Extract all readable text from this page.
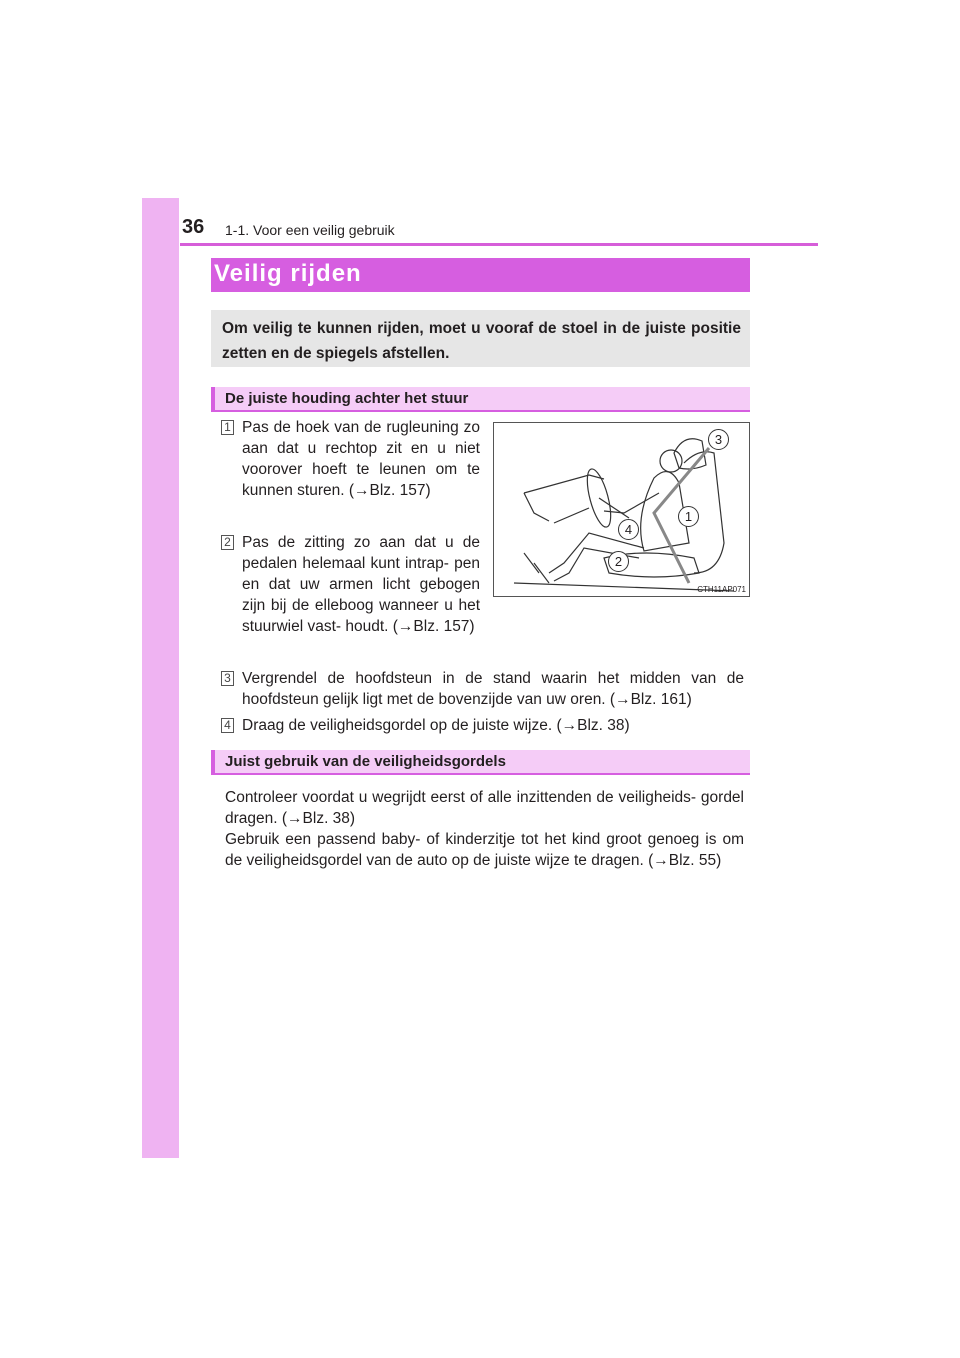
36 1-1. Voor een veilig gebruik
Veilig rijden

Om veilig te kunnen rijden, moet u vooraf de stoel in de juiste positie zetten en de spiegels afstellen.

De juiste houding achter het stuur
1 Pas de hoek van de rugleuning zo aan dat u rechtop zit en u niet voorover hoeft te leunen om te kunnen sturen. (→Blz. 157)

2 Pas de zitting zo aan dat u de pedalen helemaal kunt intrap- pen en dat uw armen licht gebogen zijn bij de elleboog wanneer u het stuurwiel vast- houdt. (→Blz. 157)

3 Vergrendel de hoofdsteun in de stand waarin het midden van de hoofdsteun gelijk ligt met de bovenzijde van uw oren. (→Blz. 161)

4 Draag de veiligheidsgordel op de juiste wijze. (→Blz. 38)

3
1
4
2
CTH11AP071
Juist gebruik van de veiligheidsgordels

Controleer voordat u wegrijdt eerst of alle inzittenden de veiligheids- gordel dragen. (→Blz. 38)

Gebruik een passend baby- of kinderzitje tot het kind groot genoeg is om de veiligheidsgordel van de auto op de juiste wijze te dragen. (→Blz. 55)
